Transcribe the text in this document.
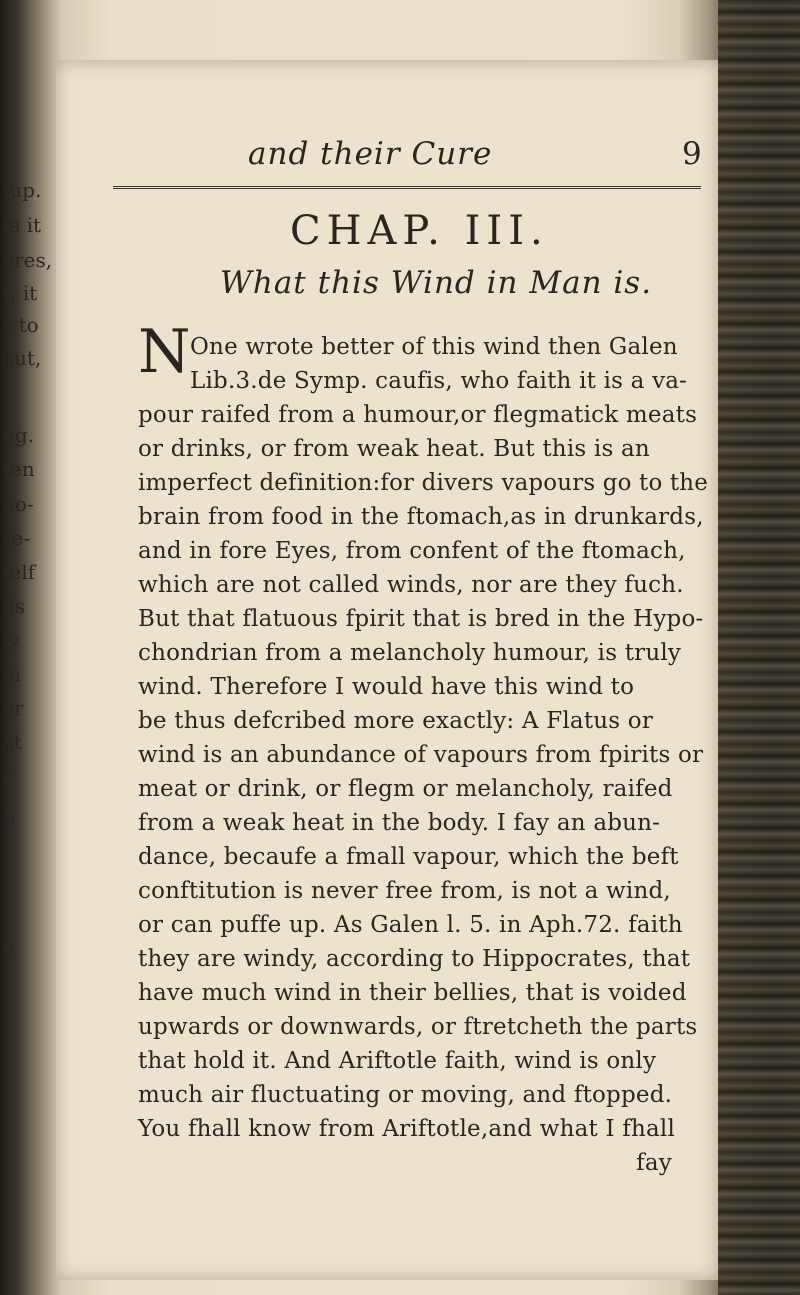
fup.
le it
ores,
t, it
s to
out,
ng.
ten
no-
re-
felf
lls
ly
m
or
at
r
),
-
,
.
e
and their Cure	9
CHAP. III.
What this Wind in Man is.
N One wrote better of this wind then Galen
Lib.3.de Symp. caufis, who faith it is a va-
pour raifed from a humour,or flegmatick meats
or drinks, or from weak heat. But this is an
imperfect definition:for divers vapours go to the
brain from food in the ftomach,as in drunkards,
and in fore Eyes, from confent of the ftomach,
which are not called winds, nor are they fuch.
But that flatuous fpirit that is bred in the Hypo-
chondrian from a melancholy humour, is truly
wind. Therefore I would have this wind to
be thus defcribed more exactly: A Flatus or
wind is an abundance of vapours from fpirits or
meat or drink, or flegm or melancholy, raifed
from a weak heat in the body. I fay an abun-
dance, becaufe a fmall vapour, which the beft
conftitution is never free from, is not a wind,
or can puffe up. As Galen l. 5. in Aph.72. faith
they are windy, according to Hippocrates, that
have much wind in their bellies, that is voided
upwards or downwards, or ftretcheth the parts
that hold it. And Ariftotle faith, wind is only
much air fluctuating or moving, and ftopped.
You fhall know from Ariftotle,and what I fhall
fay
